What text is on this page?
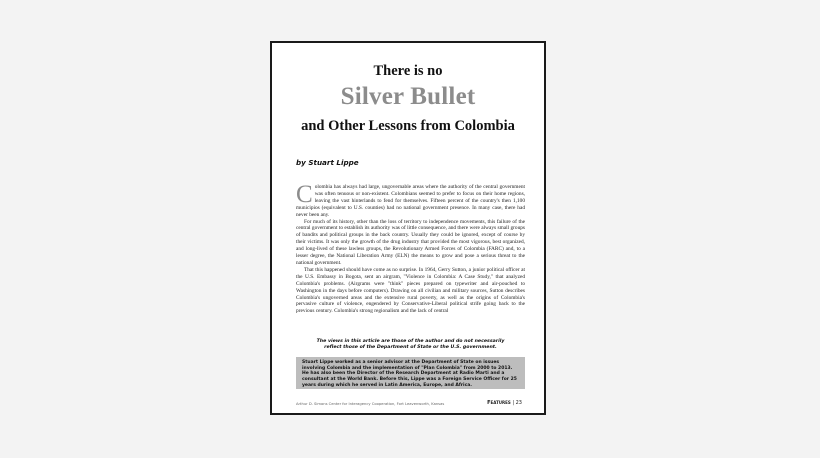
There is no
Silver Bullet
and Other Lessons from Colombia

by Stuart Lippe

Colombia has always had large, ungovernable areas where the authority of the central government was often tenuous or non-existent. Colombians seemed to prefer to focus on their home regions, leaving the vast hinterlands to fend for themselves. Fifteen percent of the country's then 1,100 municipios (equivalent to U.S. counties) had no national government presence. In many case, there had never been any.

For much of its history, other than the loss of territory to independence movements, this failure of the central government to establish its authority was of little consequence, and there were always small groups of bandits and political groups in the back country. Usually they could be ignored, except of course by their victims. It was only the growth of the drug industry that provided the most vigorous, best organized, and long-lived of these lawless groups, the Revolutionary Armed Forces of Colombia (FARC) and, to a lesser degree, the National Liberation Army (ELN) the means to grow and pose a serious threat to the national government.

That this happened should have come as no surprise. In 1964, Gerry Sutton, a junior political officer at the U.S. Embassy in Bogota, sent an airgram, "Violence in Colombia: A Case Study," that analyzed Colombia's problems. (Airgrams were "think" pieces prepared on typewriter and air-pouched to Washington in the days before computers). Drawing on all civilian and military sources, Sutton describes Colombia's ungoverned areas and the extensive rural poverty, as well as the origins of Colombia's pervasive culture of violence, engendered by Conservative-Liberal political strife going back to the previous century. Colombia's strong regionalism and the lack of central

The views in this article are those of the author and do not necessarily
reflect those of the Department of State or the U.S. government.

Stuart Lippe worked as a senior advisor at the Department of State on issues involving Colombia and the implementation of "Plan Colombia" from 2000 to 2013. He has also been the Director of the Research Department at Radio Marti and a consultant at the World Bank. Before this, Lippe was a Foreign Service Officer for 25 years during which he served in Latin America, Europe, and Africa.

Arthur D. Simons Center for Interagency Cooperation, Fort Leavenworth, Kansas	Features | 23
